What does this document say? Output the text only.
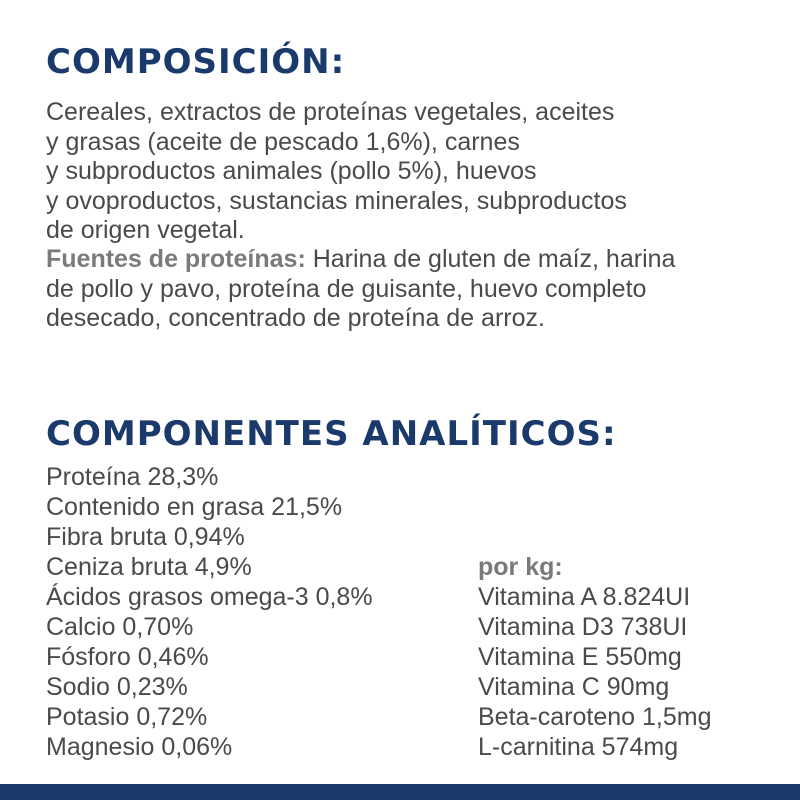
COMPOSICIÓN:
Cereales, extractos de proteínas vegetales, aceites
y grasas (aceite de pescado 1,6%), carnes
y subproductos animales (pollo 5%), huevos
y ovoproductos, sustancias minerales, subproductos
de origen vegetal.
Fuentes de proteínas: Harina de gluten de maíz, harina
de pollo y pavo, proteína de guisante, huevo completo
desecado, concentrado de proteína de arroz.
COMPONENTES ANALÍTICOS:
Proteína 28,3%
Contenido en grasa 21,5%
Fibra bruta 0,94%
Ceniza bruta 4,9%
Ácidos grasos omega-3 0,8%
Calcio 0,70%
Fósforo 0,46%
Sodio 0,23%
Potasio 0,72%
Magnesio 0,06%
por kg:
Vitamina A 8.824UI
Vitamina D3 738UI
Vitamina E 550mg
Vitamina C 90mg
Beta-caroteno 1,5mg
L-carnitina 574mg
